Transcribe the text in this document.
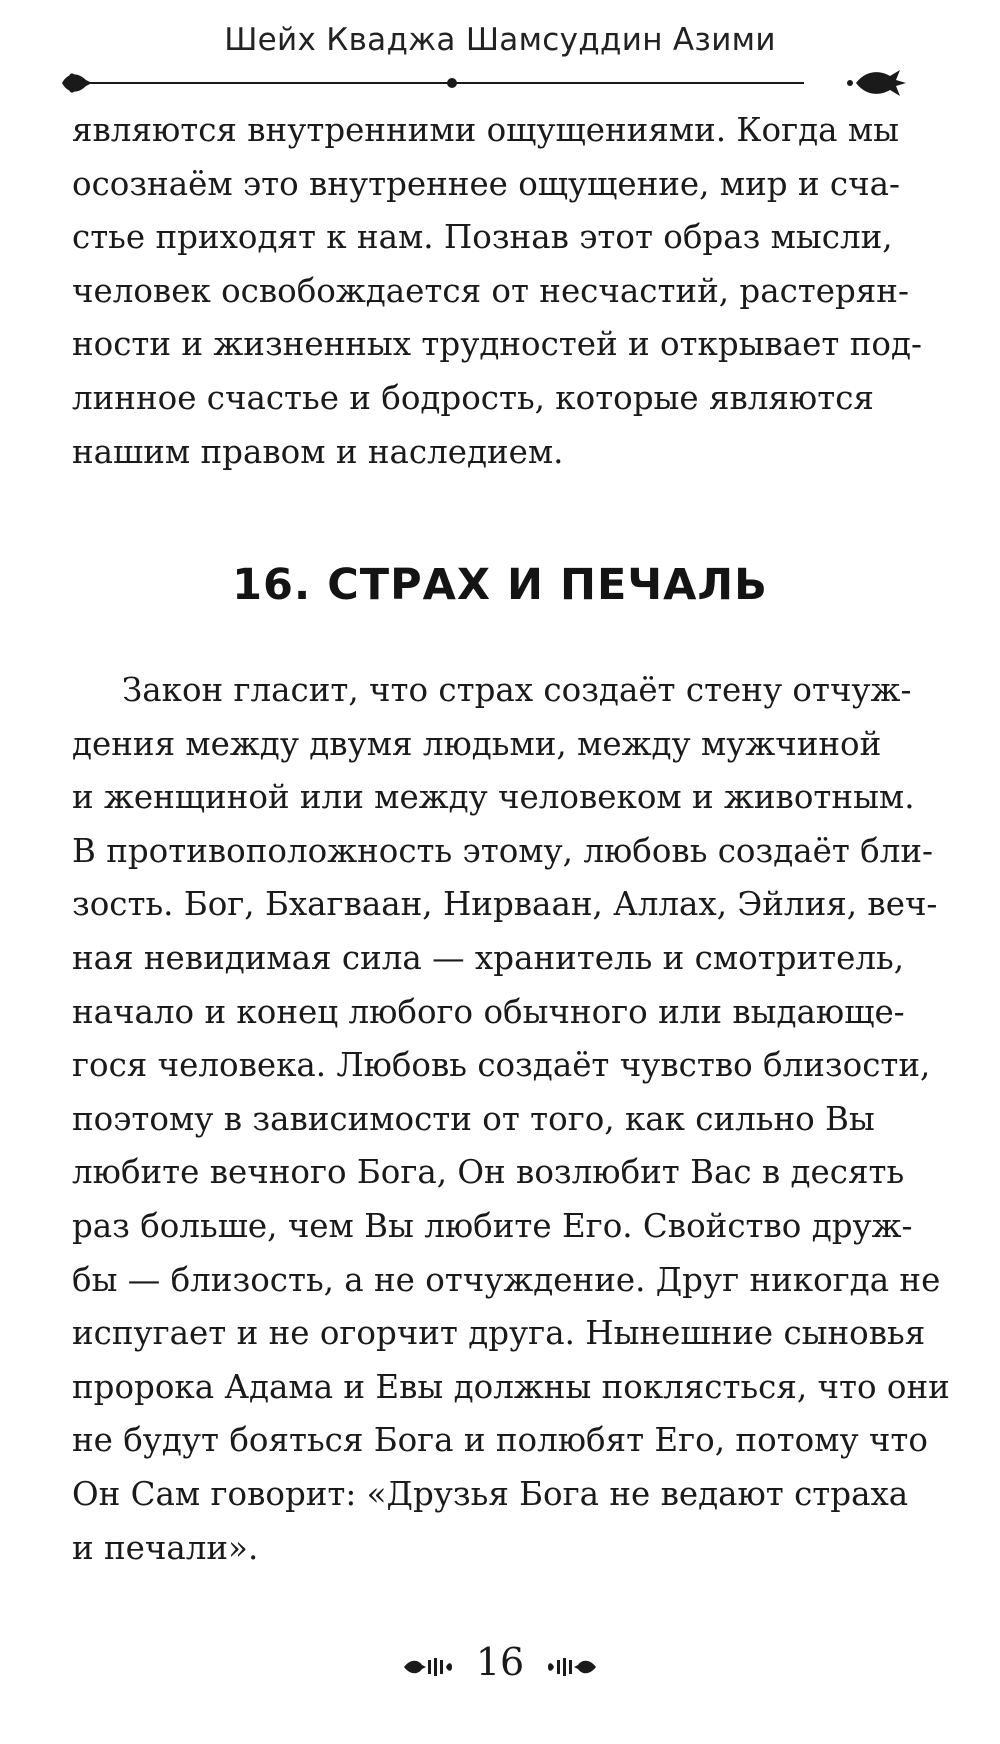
Шейх Кваджа Шамсуддин Азими
являются внутренними ощущениями. Когда мы
осознаём это внутреннее ощущение, мир и сча-
стье приходят к нам. Познав этот образ мысли,
человек освобождается от несчастий, растерян-
ности и жизненных трудностей и открывает под-
линное счастье и бодрость, которые являются
нашим правом и наследием.
16. СТРАХ И ПЕЧАЛЬ
Закон гласит, что страх создаёт стену отчуж-
дения между двумя людьми, между мужчиной
и женщиной или между человеком и животным.
В противоположность этому, любовь создаёт бли-
зость. Бог, Бхагваан, Нирваан, Аллах, Эйлия, веч-
ная невидимая сила — хранитель и смотритель,
начало и конец любого обычного или выдающе-
гося человека. Любовь создаёт чувство близости,
поэтому в зависимости от того, как сильно Вы
любите вечного Бога, Он возлюбит Вас в десять
раз больше, чем Вы любите Его. Свойство друж-
бы — близость, а не отчуждение. Друг никогда не
испугает и не огорчит друга. Нынешние сыновья
пророка Адама и Евы должны поклясться, что они
не будут бояться Бога и полюбят Его, потому что
Он Сам говорит: «Друзья Бога не ведают страха
и печали».
16
